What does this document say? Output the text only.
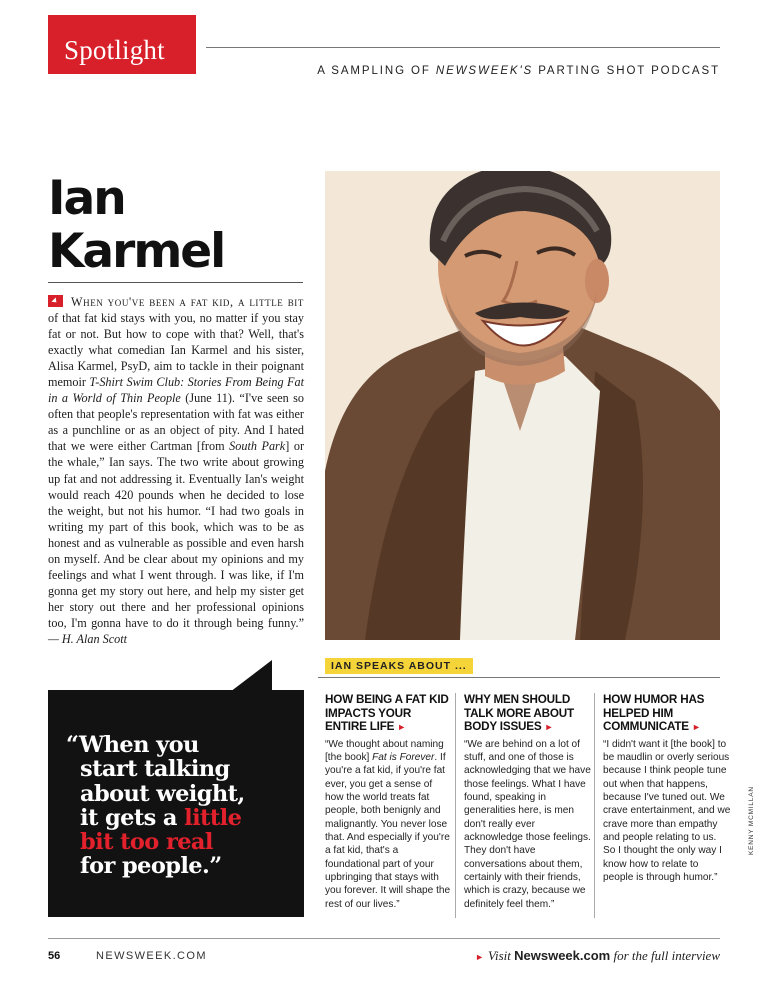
Spotlight
A SAMPLING OF NEWSWEEK'S PARTING SHOT PODCAST
Ian
Karmel
When you've been a fat kid, a little bit of that fat kid stays with you, no matter if you stay fat or not. But how to cope with that? Well, that's exactly what comedian Ian Karmel and his sister, Alisa Karmel, PsyD, aim to tackle in their poignant memoir T-Shirt Swim Club: Stories From Being Fat in a World of Thin People (June 11). “I've seen so often that people's representation with fat was either as a punchline or as an object of pity. And I hated that we were either Cartman [from South Park] or the whale,” Ian says. The two write about growing up fat and not addressing it. Eventually Ian's weight would reach 420 pounds when he decided to lose the weight, but not his humor. “I had two goals in writing my part of this book, which was to be as honest and as vulnerable as possible and even harsh on myself. And be clear about my opinions and my feelings and what I went through. I was like, if I'm gonna get my story out here, and help my sister get her story out there and her professional opinions too, I'm gonna have to do it through being funny.” — H. Alan Scott
IAN SPEAKS ABOUT ...
“When you
start talking
about weight,
it gets a little
bit too real
for people.”
HOW BEING A FAT KID IMPACTS YOUR ENTIRE LIFE ►

“We thought about naming [the book] Fat is Forever. If you're a fat kid, if you're fat ever, you get a sense of how the world treats fat people, both benignly and malignantly. You never lose that. And especially if you're a fat kid, that's a foundational part of your upbringing that stays with you forever. It will shape the rest of our lives.”

WHY MEN SHOULD TALK MORE ABOUT BODY ISSUES ►

“We are behind on a lot of stuff, and one of those is acknowledging that we have those feelings. What I have found, speaking in generalities here, is men don't really ever acknowledge those feelings. They don't have conversations about them, certainly with their friends, which is crazy, because we definitely feel them.”

HOW HUMOR HAS HELPED HIM COMMUNICATE ►

“I didn't want it [the book] to be maudlin or overly serious because I think people tune out when that happens, because I've tuned out. We crave entertainment, and we crave more than empathy and people relating to us. So I thought the only way I know how to relate to people is through humor.”

KENNY MCMILLAN
56	NEWSWEEK.COM	► Visit Newsweek.com for the full interview
